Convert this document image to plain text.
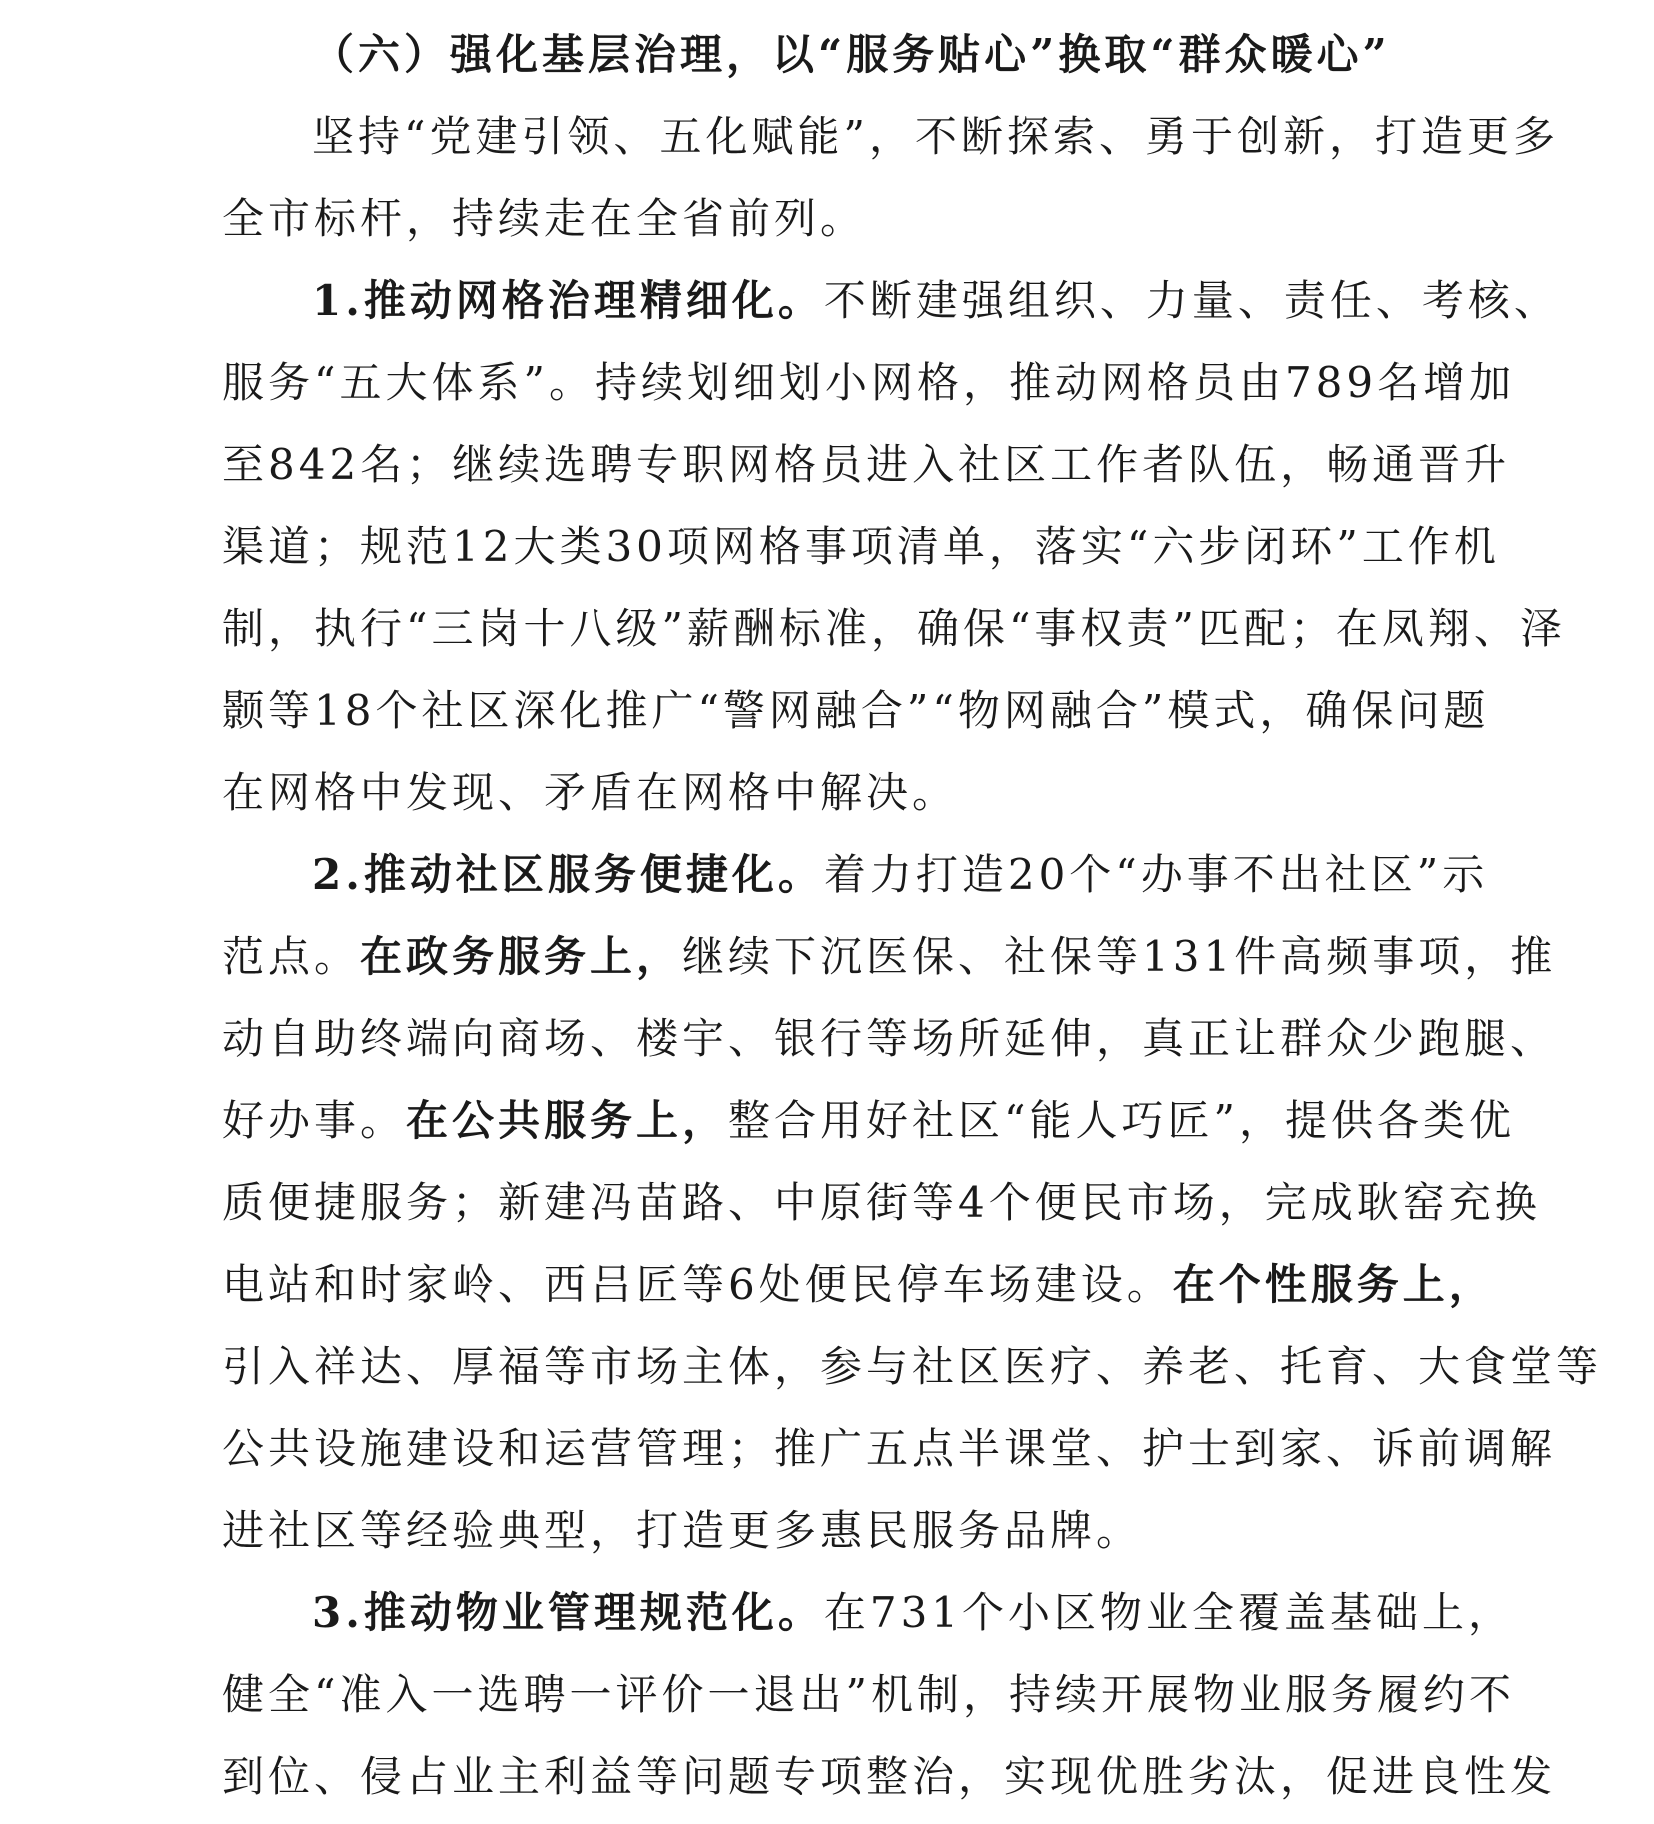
（六）强化基层治理，以“服务贴心”换取“群众暖心”
坚持“党建引领、五化赋能”，不断探索、勇于创新，打造更多
全市标杆，持续走在全省前列。
1.推动网格治理精细化。不断建强组织、力量、责任、考核、
服务“五大体系”。持续划细划小网格，推动网格员由789名增加
至842名；继续选聘专职网格员进入社区工作者队伍，畅通晋升
渠道；规范12大类30项网格事项清单，落实“六步闭环”工作机
制，执行“三岗十八级”薪酬标准，确保“事权责”匹配；在凤翔、泽
颢等18个社区深化推广“警网融合”“物网融合”模式，确保问题
在网格中发现、矛盾在网格中解决。
2.推动社区服务便捷化。着力打造20个“办事不出社区”示
范点。在政务服务上，继续下沉医保、社保等131件高频事项，推
动自助终端向商场、楼宇、银行等场所延伸，真正让群众少跑腿、
好办事。在公共服务上，整合用好社区“能人巧匠”，提供各类优
质便捷服务；新建冯苗路、中原街等4个便民市场，完成耿窑充换
电站和时家岭、西吕匠等6处便民停车场建设。在个性服务上，
引入祥达、厚福等市场主体，参与社区医疗、养老、托育、大食堂等
公共设施建设和运营管理；推广五点半课堂、护士到家、诉前调解
进社区等经验典型，打造更多惠民服务品牌。
3.推动物业管理规范化。在731个小区物业全覆盖基础上，
健全“准入一选聘一评价一退出”机制，持续开展物业服务履约不
到位、侵占业主利益等问题专项整治，实现优胜劣汰，促进良性发
